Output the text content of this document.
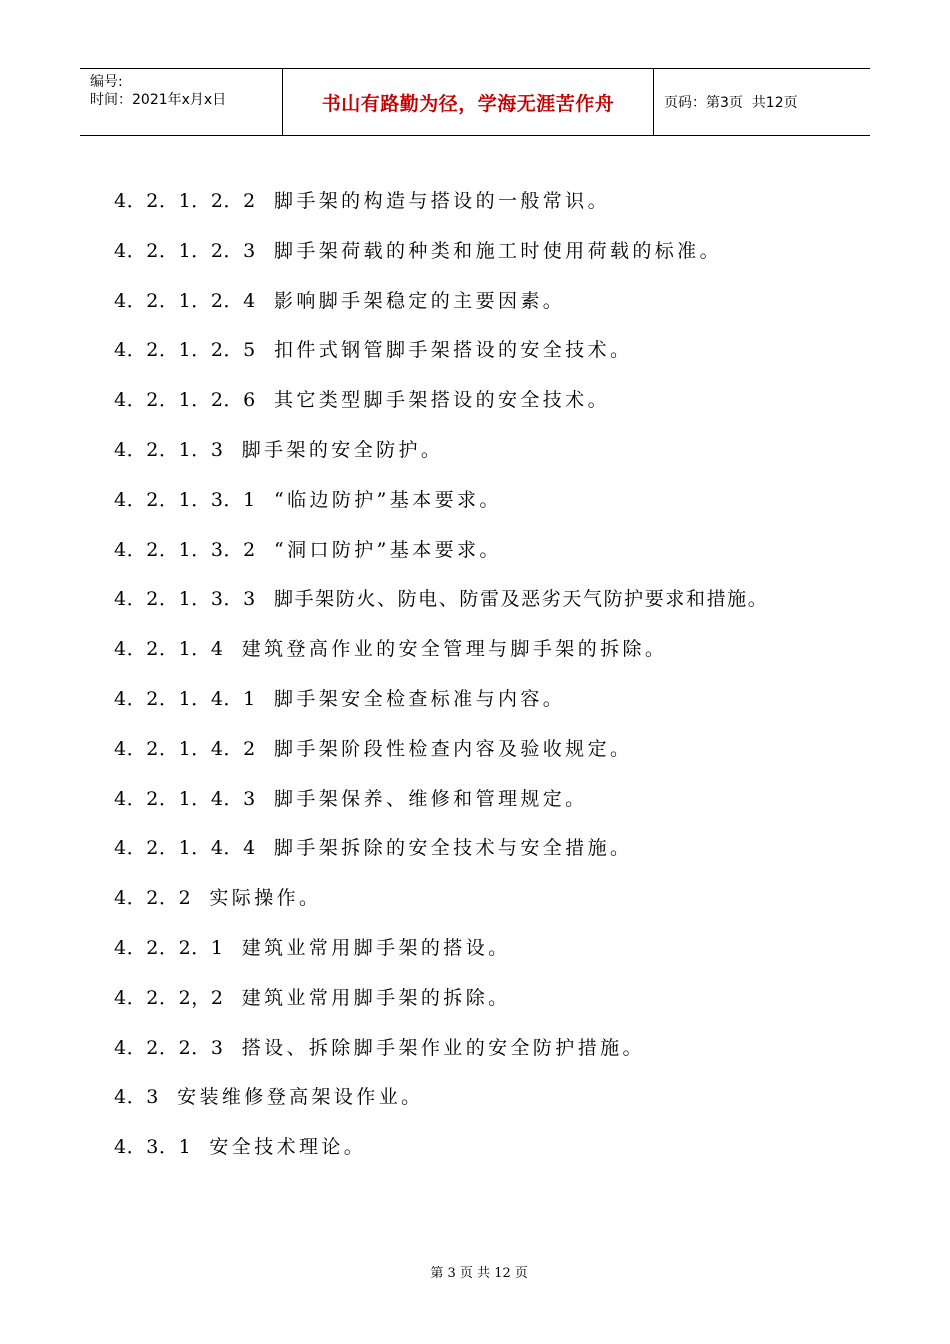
编号:
时间：2021年x月x日	书山有路勤为径，学海无涯苦作舟	页码：第3页  共12页
4．2．1．2．2 脚手架的构造与搭设的一般常识。
4．2．1．2．3 脚手架荷载的种类和施工时使用荷载的标准。
4．2．1．2．4 影响脚手架稳定的主要因素。
4．2．1．2．5 扣件式钢管脚手架搭设的安全技术。
4．2．1．2．6 其它类型脚手架搭设的安全技术。
4．2．1．3 脚手架的安全防护。
4．2．1．3．1 “临边防护”基本要求。
4．2．1．3．2 “洞口防护”基本要求。
4．2．1．3．3 脚手架防火、防电、防雷及恶劣天气防护要求和措施。
4．2．1．4 建筑登高作业的安全管理与脚手架的拆除。
4．2．1．4．1 脚手架安全检查标准与内容。
4．2．1．4．2 脚手架阶段性检查内容及验收规定。
4．2．1．4．3 脚手架保养、维修和管理规定。
4．2．1．4．4 脚手架拆除的安全技术与安全措施。
4．2．2 实际操作。
4．2．2．1 建筑业常用脚手架的搭设。
4．2．2，2 建筑业常用脚手架的拆除。
4．2．2．3 搭设、拆除脚手架作业的安全防护措施。
4．3 安装维修登高架设作业。
4．3．1 安全技术理论。

第 3 页 共 12 页
